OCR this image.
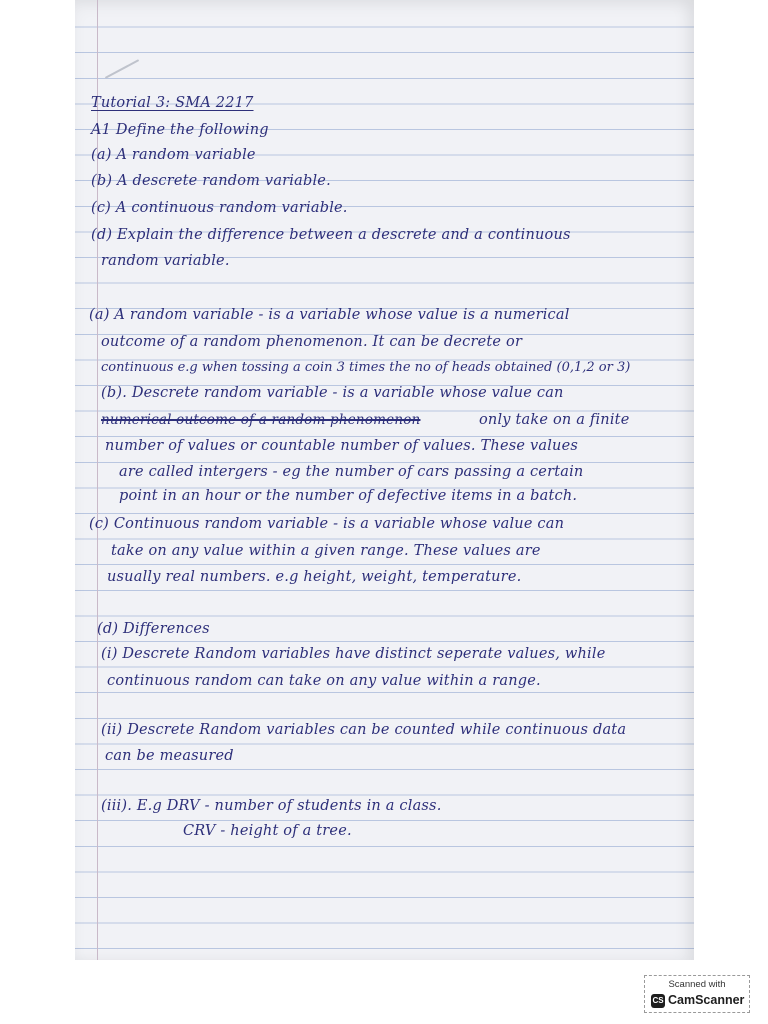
Tutorial 3: SMA 2217
A1 Define the following
(a) A random variable
(b) A descrete random variable.
(c) A continuous random variable.
(d) Explain the difference between a descrete and a continuous
random variable.
(a) A random variable - is a variable whose value is a numerical
outcome of a random phenomenon. It can be decrete or
continuous e.g when tossing a coin 3 times the no of heads obtained (0,1,2 or 3)
(b). Descrete random variable - is a variable whose value can
numerical outcome of a random phenomenon	only take on a finite
number of values or countable number of values. These values
are called intergers - eg the number of cars passing a certain
point in an hour or the number of defective items in a batch.
(c) Continuous random variable - is a variable whose value can
take on any value within a given range. These values are
usually real numbers. e.g height, weight, temperature.
(d) Differences
(i) Descrete Random variables have distinct seperate values, while
continuous random can take on any value within a range.
(ii) Descrete Random variables can be counted while continuous data
can be measured
(iii). E.g DRV - number of students in a class.
CRV - height of a tree.
Scanned with
CS CamScanner
